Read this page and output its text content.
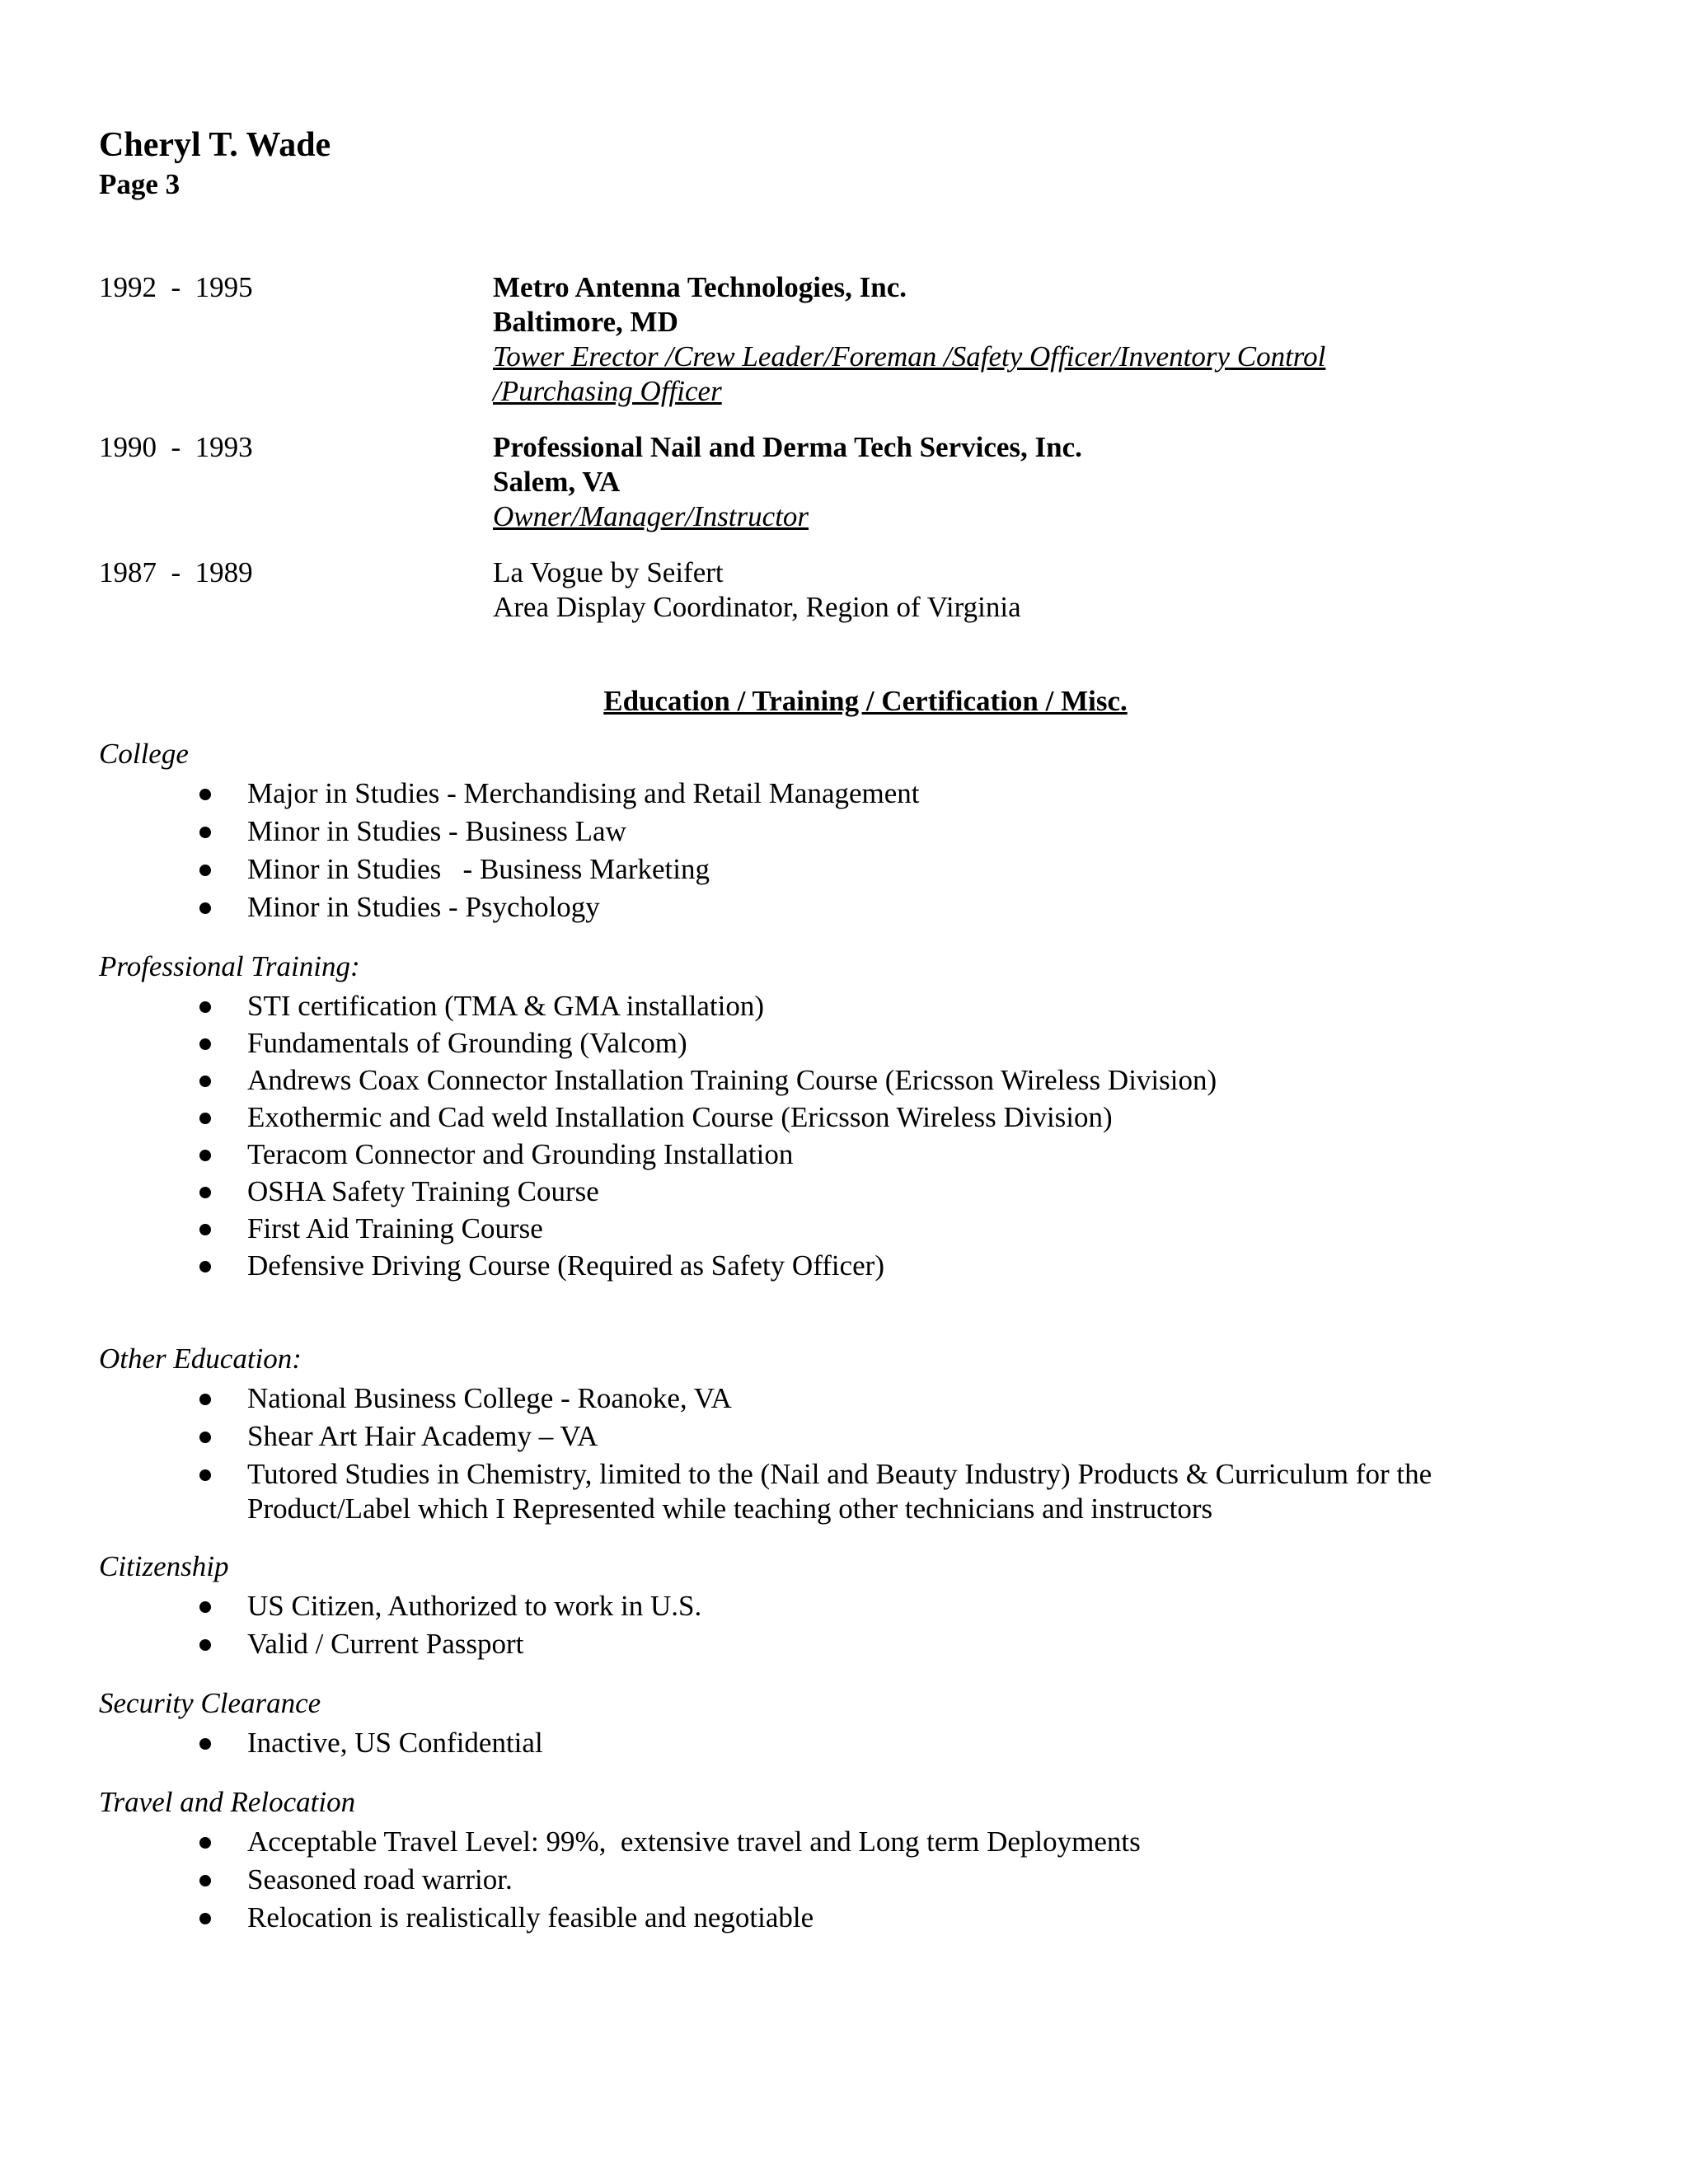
Cheryl T. Wade

Page 3

1992  -  1995	Metro Antenna Technologies, Inc.
Baltimore, MD
Tower Erector /Crew Leader/Foreman /Safety Officer/Inventory Control
/Purchasing Officer
1990  -  1993	Professional Nail and Derma Tech Services, Inc.
Salem, VA
Owner/Manager/Instructor
1987  -  1989	La Vogue by Seifert
Area Display Coordinator, Region of Virginia
Education / Training / Certification / Misc.
College
Major in Studies - Merchandising and Retail Management
Minor in Studies - Business Law
Minor in Studies   - Business Marketing
Minor in Studies - Psychology
Professional Training:
STI certification (TMA & GMA installation)
Fundamentals of Grounding (Valcom)
Andrews Coax Connector Installation Training Course (Ericsson Wireless Division)
Exothermic and Cad weld Installation Course (Ericsson Wireless Division)
Teracom Connector and Grounding Installation
OSHA Safety Training Course
First Aid Training Course
Defensive Driving Course (Required as Safety Officer)
Other Education:
National Business College - Roanoke, VA
Shear Art Hair Academy – VA
Tutored Studies in Chemistry, limited to the (Nail and Beauty Industry) Products & Curriculum for the Product/Label which I Represented while teaching other technicians and instructors
Citizenship
US Citizen, Authorized to work in U.S.
Valid / Current Passport
Security Clearance
Inactive, US Confidential
Travel and Relocation
Acceptable Travel Level: 99%,  extensive travel and Long term Deployments
Seasoned road warrior.
Relocation is realistically feasible and negotiable
